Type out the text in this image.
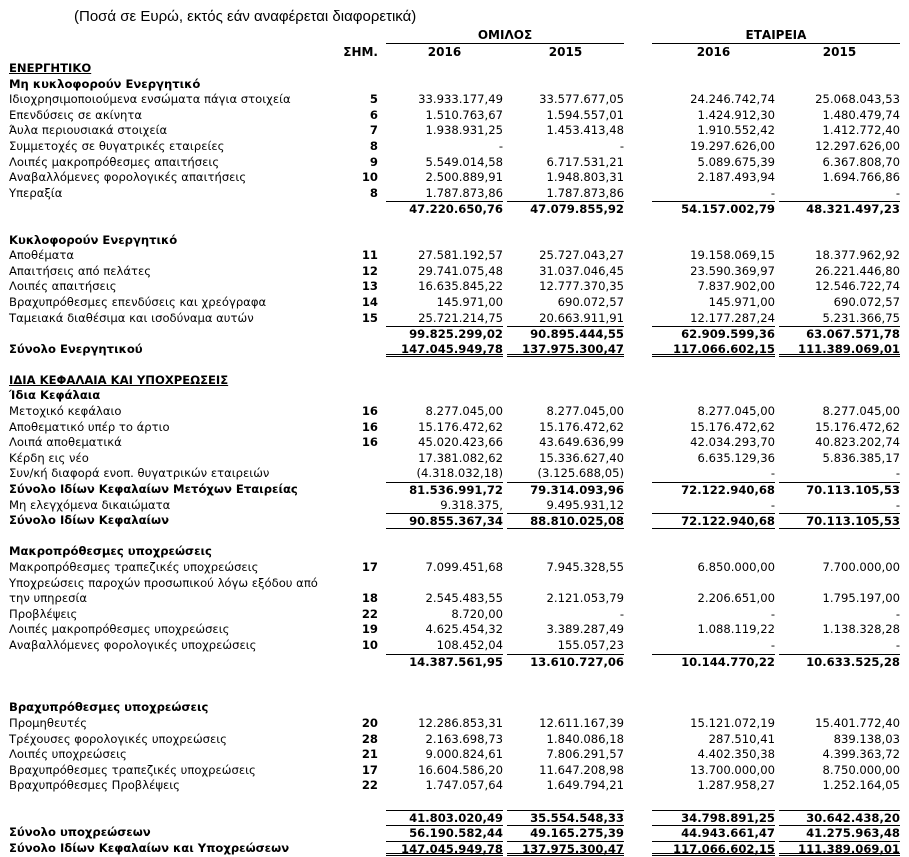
(Ποσά σε Ευρώ, εκτός εάν αναφέρεται διαφορετικά)
ΟΜΙΛΟΣ	ΕΤΑΙΡΕΙΑ
ΣΗΜ.	2016	2015	2016	2015
ΕΝΕΡΓΗΤΙΚΟ
Μη κυκλοφορούν Ενεργητικό
Ιδιοχρησιμοποιούμενα ενσώματα πάγια στοιχεία	5	33.933.177,49	33.577.677,05	24.246.742,74	25.068.043,53
Επενδύσεις σε ακίνητα	6	1.510.763,67	1.594.557,01	1.424.912,30	1.480.479,74
Άυλα περιουσιακά στοιχεία	7	1.938.931,25	1.453.413,48	1.910.552,42	1.412.772,40
Συμμετοχές σε θυγατρικές εταιρείες	8	-	-	19.297.626,00	12.297.626,00
Λοιπές μακροπρόθεσμες απαιτήσεις	9	5.549.014,58	6.717.531,21	5.089.675,39	6.367.808,70
Αναβαλλόμενες φορολογικές απαιτήσεις	10	2.500.889,91	1.948.803,31	2.187.493,94	1.694.766,86
Υπεραξία	8	1.787.873,86	1.787.873,86	-	-
47.220.650,76	47.079.855,92	54.157.002,79	48.321.497,23
Κυκλοφορούν Ενεργητικό
Αποθέματα	11	27.581.192,57	25.727.043,27	19.158.069,15	18.377.962,92
Απαιτήσεις από πελάτες	12	29.741.075,48	31.037.046,45	23.590.369,97	26.221.446,80
Λοιπές απαιτήσεις	13	16.635.845,22	12.777.370,35	7.837.902,00	12.546.722,74
Βραχυπρόθεσμες επενδύσεις και χρεόγραφα	14	145.971,00	690.072,57	145.971,00	690.072,57
Ταμειακά διαθέσιμα και ισοδύναμα αυτών	15	25.721.214,75	20.663.911,91	12.177.287,24	5.231.366,75
99.825.299,02	90.895.444,55	62.909.599,36	63.067.571,78
Σύνολο Ενεργητικού	147.045.949,78	137.975.300,47	117.066.602,15	111.389.069,01
ΙΔΙΑ ΚΕΦΑΛΑΙΑ ΚΑΙ ΥΠΟΧΡΕΩΣΕΙΣ
Ίδια Κεφάλαια
Μετοχικό κεφάλαιο	16	8.277.045,00	8.277.045,00	8.277.045,00	8.277.045,00
Αποθεματικό υπέρ το άρτιο	16	15.176.472,62	15.176.472,62	15.176.472,62	15.176.472,62
Λοιπά αποθεματικά	16	45.020.423,66	43.649.636,99	42.034.293,70	40.823.202,74
Κέρδη εις νέο	17.381.082,62	15.336.627,40	6.635.129,36	5.836.385,17
Συν/κή διαφορά ενοπ. θυγατρικών εταιρειών	(4.318.032,18)	(3.125.688,05)	-	-
Σύνολο Ιδίων Κεφαλαίων Μετόχων Εταιρείας	81.536.991,72	79.314.093,96	72.122.940,68	70.113.105,53
Μη ελεγχόμενα δικαιώματα	9.318.375,	9.495.931,12	-	-
Σύνολο Ιδίων Κεφαλαίων	90.855.367,34	88.810.025,08	72.122.940,68	70.113.105,53
Μακροπρόθεσμες υποχρεώσεις
Μακροπρόθεσμες τραπεζικές υποχρεώσεις	17	7.099.451,68	7.945.328,55	6.850.000,00	7.700.000,00
Υποχρεώσεις παροχών προσωπικού λόγω εξόδου από την υπηρεσία	18	2.545.483,55	2.121.053,79	2.206.651,00	1.795.197,00
Προβλέψεις	22	8.720,00	-	-	-
Λοιπές μακροπρόθεσμες υποχρεώσεις	19	4.625.454,32	3.389.287,49	1.088.119,22	1.138.328,28
Αναβαλλόμενες φορολογικές υποχρεώσεις	10	108.452,04	155.057,23	-	-
14.387.561,95	13.610.727,06	10.144.770,22	10.633.525,28
Βραχυπρόθεσμες υποχρεώσεις
Προμηθευτές	20	12.286.853,31	12.611.167,39	15.121.072,19	15.401.772,40
Τρέχουσες φορολογικές υποχρεώσεις	28	2.163.698,73	1.840.086,18	287.510,41	839.138,03
Λοιπές υποχρεώσεις	21	9.000.824,61	7.806.291,57	4.402.350,38	4.399.363,72
Βραχυπρόθεσμες τραπεζικές υποχρεώσεις	17	16.604.586,20	11.647.208,98	13.700.000,00	8.750.000,00
Βραχυπρόθεσμες Προβλέψεις	22	1.747.057,64	1.649.794,21	1.287.958,27	1.252.164,05
41.803.020,49	35.554.548,33	34.798.891,25	30.642.438,20
Σύνολο υποχρεώσεων	56.190.582,44	49.165.275,39	44.943.661,47	41.275.963,48
Σύνολο Ιδίων Κεφαλαίων και Υποχρεώσεων	147.045.949,78	137.975.300,47	117.066.602,15	111.389.069,01
